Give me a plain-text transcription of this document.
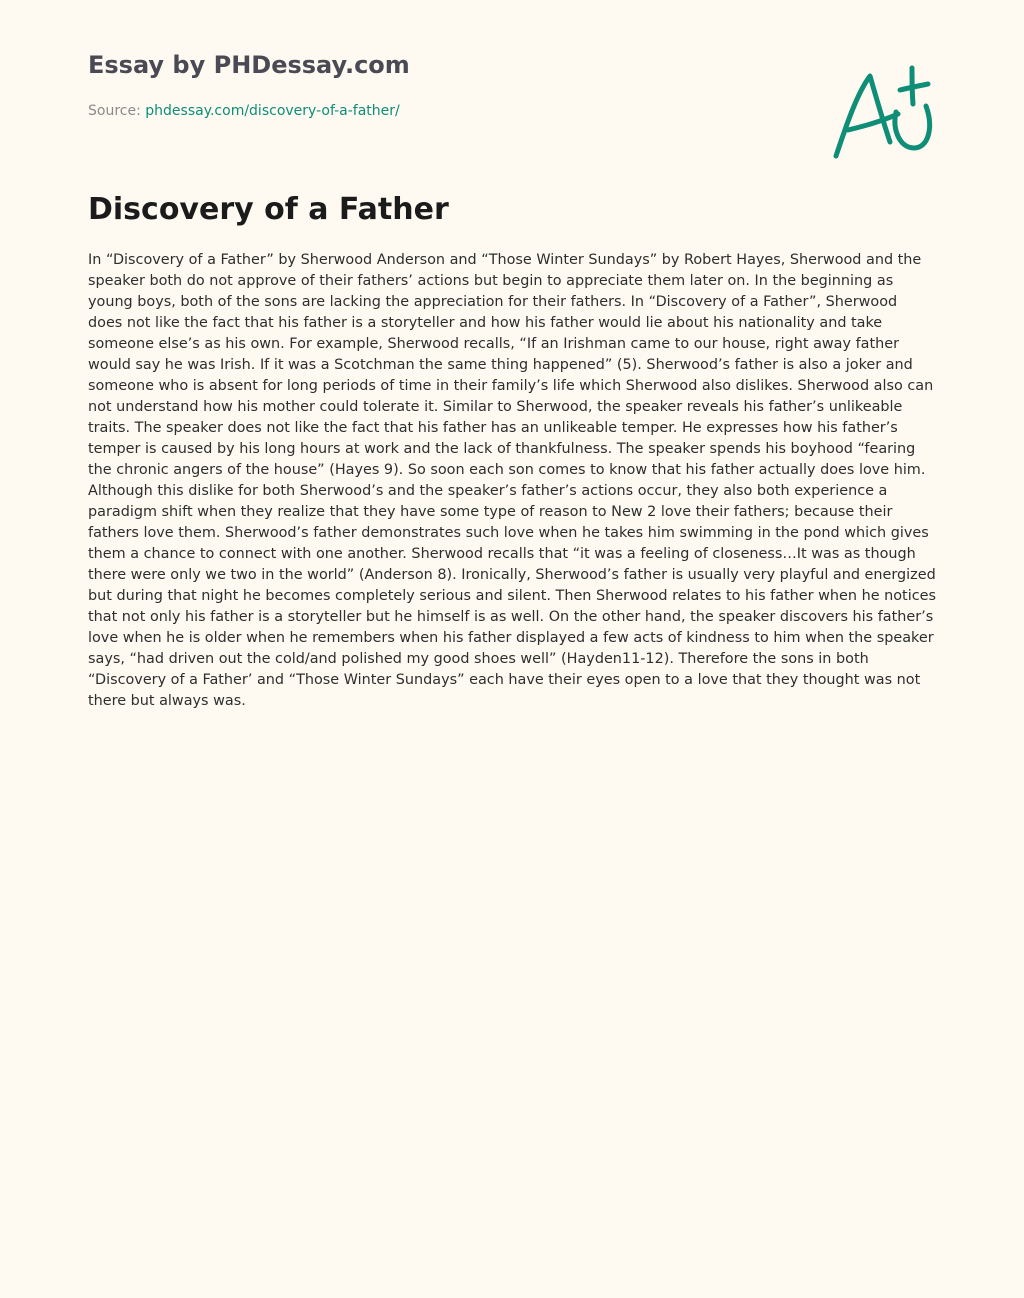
Essay by PHDessay.com
Source: phdessay.com/discovery-of-a-father/
Discovery of a Father

In “Discovery of a Father” by Sherwood Anderson and “Those Winter Sundays” by Robert Hayes, Sherwood and the speaker both do not approve of their fathers’ actions but begin to appreciate them later on. In the beginning as young boys, both of the sons are lacking the appreciation for their fathers. In “Discovery of a Father”, Sherwood does not like the fact that his father is a storyteller and how his father would lie about his nationality and take someone else’s as his own. For example, Sherwood recalls, “If an Irishman came to our house, right away father would say he was Irish. If it was a Scotchman the same thing happened” (5). Sherwood’s father is also a joker and someone who is absent for long periods of time in their family’s life which Sherwood also dislikes. Sherwood also can not understand how his mother could tolerate it. Similar to Sherwood, the speaker reveals his father’s unlikeable traits. The speaker does not like the fact that his father has an unlikeable temper. He expresses how his father’s temper is caused by his long hours at work and the lack of thankfulness. The speaker spends his boyhood “fearing the chronic angers of the house” (Hayes 9). So soon each son comes to know that his father actually does love him. Although this dislike for both Sherwood’s and the speaker’s father’s actions occur, they also both experience a paradigm shift when they realize that they have some type of reason to New 2 love their fathers; because their fathers love them. Sherwood’s father demonstrates such love when he takes him swimming in the pond which gives them a chance to connect with one another. Sherwood recalls that “it was a feeling of closeness…It was as though there were only we two in the world” (Anderson 8). Ironically, Sherwood’s father is usually very playful and energized but during that night he becomes completely serious and silent. Then Sherwood relates to his father when he notices that not only his father is a storyteller but he himself is as well. On the other hand, the speaker discovers his father’s love when he is older when he remembers when his father displayed a few acts of kindness to him when the speaker says, “had driven out the cold/and polished my good shoes well” (Hayden11-12). Therefore the sons in both “Discovery of a Father’ and “Those Winter Sundays” each have their eyes open to a love that they thought was not there but always was.
